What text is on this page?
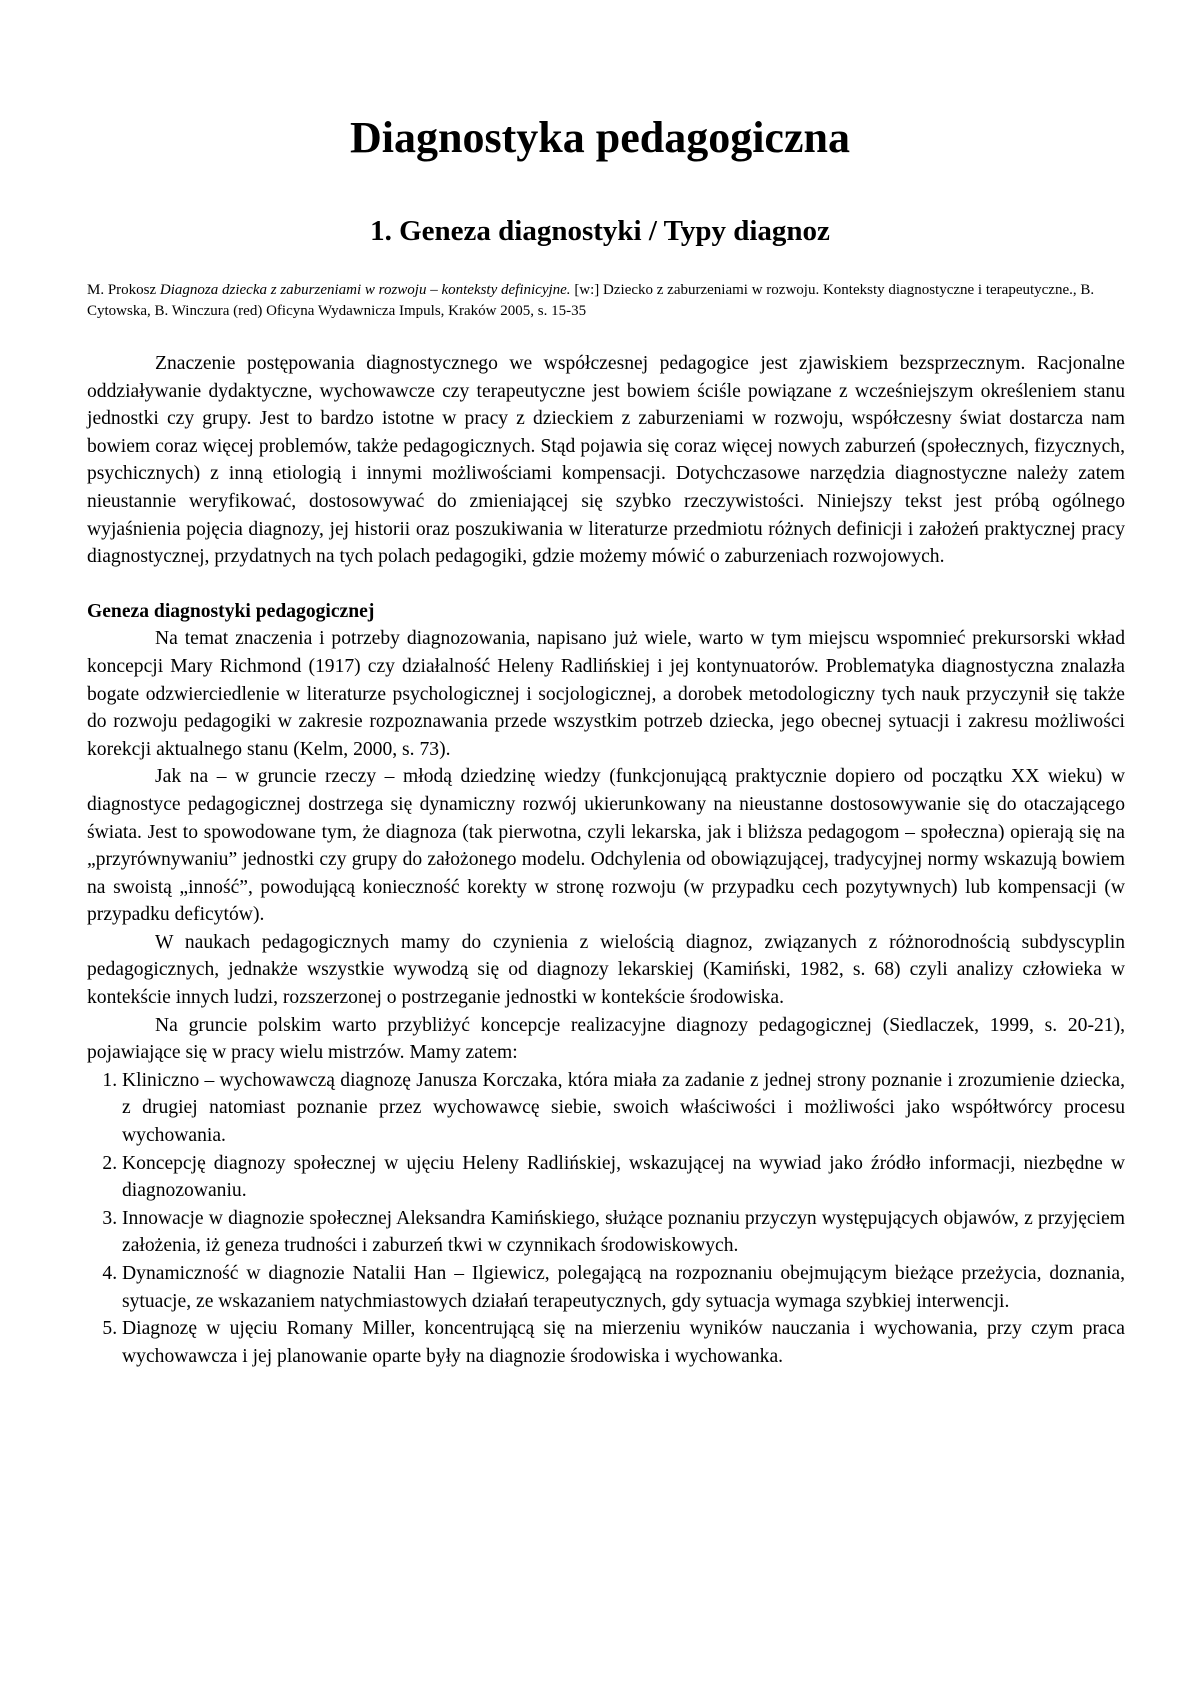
Diagnostyka pedagogiczna
1. Geneza diagnostyki / Typy diagnoz

M. Prokosz Diagnoza dziecka z zaburzeniami w rozwoju – konteksty definicyjne. [w:] Dziecko z zaburzeniami w rozwoju. Konteksty diagnostyczne i terapeutyczne., B. Cytowska, B. Winczura (red) Oficyna Wydawnicza Impuls, Kraków 2005, s. 15-35

Znaczenie postępowania diagnostycznego we współczesnej pedagogice jest zjawiskiem bezsprzecznym. Racjonalne oddziaływanie dydaktyczne, wychowawcze czy terapeutyczne jest bowiem ściśle powiązane z wcześniejszym określeniem stanu jednostki czy grupy. Jest to bardzo istotne w pracy z dzieckiem z zaburzeniami w rozwoju, współczesny świat dostarcza nam bowiem coraz więcej problemów, także pedagogicznych. Stąd pojawia się coraz więcej nowych zaburzeń (społecznych, fizycznych, psychicznych) z inną etiologią i innymi możliwościami kompensacji. Dotychczasowe narzędzia diagnostyczne należy zatem nieustannie weryfikować, dostosowywać do zmieniającej się szybko rzeczywistości. Niniejszy tekst jest próbą ogólnego wyjaśnienia pojęcia diagnozy, jej historii oraz poszukiwania w literaturze przedmiotu różnych definicji i założeń praktycznej pracy diagnostycznej, przydatnych na tych polach pedagogiki, gdzie możemy mówić o zaburzeniach rozwojowych.

Geneza diagnostyki pedagogicznej

Na temat znaczenia i potrzeby diagnozowania, napisano już wiele, warto w tym miejscu wspomnieć prekursorski wkład koncepcji Mary Richmond (1917) czy działalność Heleny Radlińskiej i jej kontynuatorów. Problematyka diagnostyczna znalazła bogate odzwierciedlenie w literaturze psychologicznej i socjologicznej, a dorobek metodologiczny tych nauk przyczynił się także do rozwoju pedagogiki w zakresie rozpoznawania przede wszystkim potrzeb dziecka, jego obecnej sytuacji i zakresu możliwości korekcji aktualnego stanu (Kelm, 2000, s. 73).

Jak na – w gruncie rzeczy – młodą dziedzinę wiedzy (funkcjonującą praktycznie dopiero od początku XX wieku) w diagnostyce pedagogicznej dostrzega się dynamiczny rozwój ukierunkowany na nieustanne dostosowywanie się do otaczającego świata. Jest to spowodowane tym, że diagnoza (tak pierwotna, czyli lekarska, jak i bliższa pedagogom – społeczna) opierają się na „przyrównywaniu” jednostki czy grupy do założonego modelu. Odchylenia od obowiązującej, tradycyjnej normy wskazują bowiem na swoistą „inność”, powodującą konieczność korekty w stronę rozwoju (w przypadku cech pozytywnych) lub kompensacji (w przypadku deficytów).

W naukach pedagogicznych mamy do czynienia z wielością diagnoz, związanych z różnorodnością subdyscyplin pedagogicznych, jednakże wszystkie wywodzą się od diagnozy lekarskiej (Kamiński, 1982, s. 68) czyli analizy człowieka w kontekście innych ludzi, rozszerzonej o postrzeganie jednostki w kontekście środowiska.

Na gruncie polskim warto przybliżyć koncepcje realizacyjne diagnozy pedagogicznej (Siedlaczek, 1999, s. 20-21), pojawiające się w pracy wielu mistrzów. Mamy zatem:

1. Kliniczno – wychowawczą diagnozę Janusza Korczaka, która miała za zadanie z jednej strony poznanie i zrozumienie dziecka, z drugiej natomiast poznanie przez wychowawcę siebie, swoich właściwości i możliwości jako współtwórcy procesu wychowania.
2. Koncepcję diagnozy społecznej w ujęciu Heleny Radlińskiej, wskazującej na wywiad jako źródło informacji, niezbędne w diagnozowaniu.
3. Innowacje w diagnozie społecznej Aleksandra Kamińskiego, służące poznaniu przyczyn występujących objawów, z przyjęciem założenia, iż geneza trudności i zaburzeń tkwi w czynnikach środowiskowych.
4. Dynamiczność w diagnozie Natalii Han – Ilgiewicz, polegającą na rozpoznaniu obejmującym bieżące przeżycia, doznania, sytuacje, ze wskazaniem natychmiastowych działań terapeutycznych, gdy sytuacja wymaga szybkiej interwencji.
5. Diagnozę w ujęciu Romany Miller, koncentrującą się na mierzeniu wyników nauczania i wychowania, przy czym praca wychowawcza i jej planowanie oparte były na diagnozie środowiska i wychowanka.
